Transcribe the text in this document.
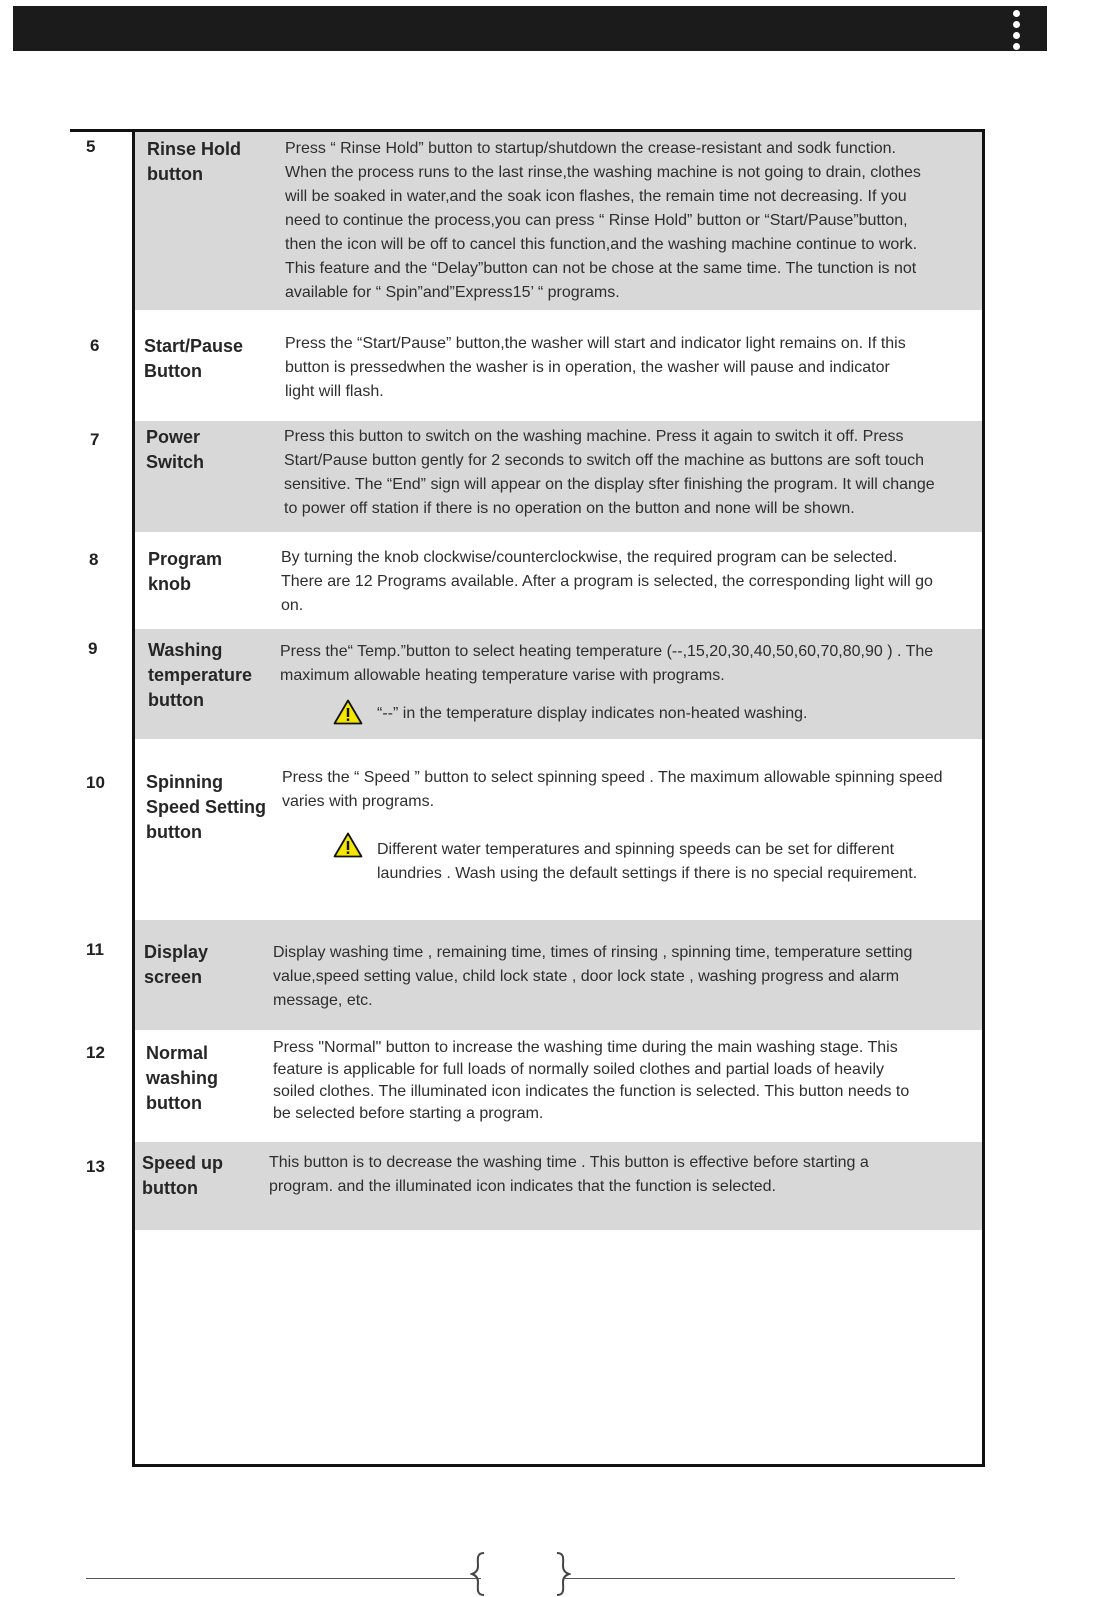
5	Rinse Hold
button
Press “ Rinse Hold” button to startup/shutdown the crease-resistant and sodk function.
When the process runs to the last rinse,the washing machine is not going to drain, clothes
will be soaked in water,and the soak icon flashes, the remain time not decreasing. If you
need to continue the process,you can press “ Rinse Hold” button or “Start/Pause”button,
then the icon will be off to cancel this function,and the washing machine continue to work.
This feature and the “Delay”button can not be chose at the same time. The tunction is not
available for “ Spin”and”Express15’ “ programs.
6 Start/Pause
Button
Press the “Start/Pause” button,the washer will start and indicator light remains on. If this
button is pressedwhen the washer is in operation, the washer will pause and indicator
light will flash.
7	Power
Switch
Press this button to switch on the washing machine. Press it again to switch it off. Press
Start/Pause button gently for 2 seconds to switch off the machine as buttons are soft touch
sensitive. The “End” sign will appear on the display sfter finishing the program. It will change
to power off station if there is no operation on the button and none will be shown.
8	Program
knob
By turning the knob clockwise/counterclockwise, the required program can be selected.
There are 12 Programs available. After a program is selected, the corresponding light will go
on.
9	Washing
temperature
button
Press the“ Temp.”button to select heating temperature (--,15,20,30,40,50,60,70,80,90 ) . The
maximum allowable heating temperature varise with programs.
“--” in the temperature display indicates non-heated washing.
10 Spinning
Speed Setting
button
Press the “ Speed ” button to select spinning speed . The maximum allowable spinning speed
varies with programs.
Different water temperatures and spinning speeds can be set for different
laundries . Wash using the default settings if there is no special requirement.
11 Display
screen
Display washing time , remaining time, times of rinsing , spinning time, temperature setting
value,speed setting value, child lock state , door lock state , washing progress and alarm
message, etc.
12 Normal
washing
button
Press "Normal" button to increase the washing time during the main washing stage. This
feature is applicable for full loads of normally soiled clothes and partial loads of heavily
soiled clothes. The illuminated icon indicates the function is selected. This button needs to
be selected before starting a program.
13 Speed up
button
This button is to decrease the washing time . This button is effective before starting a
program. and the illuminated icon indicates that the function is selected.
